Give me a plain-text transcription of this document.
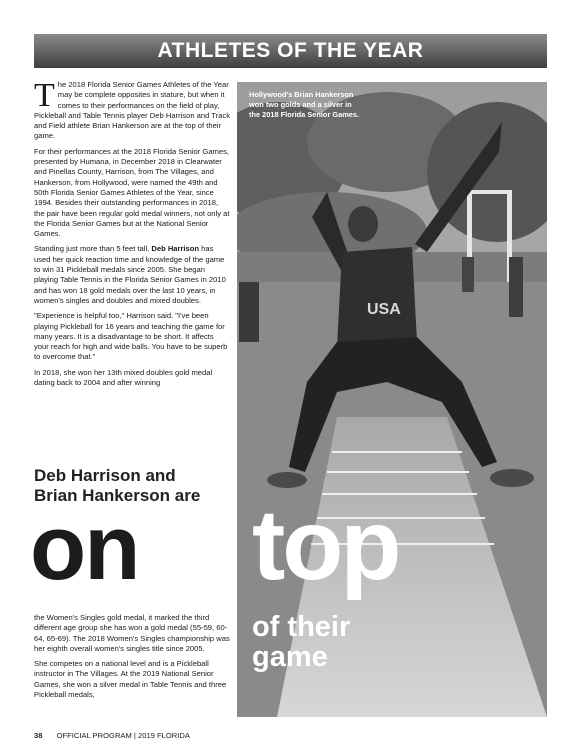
ATHLETES OF THE YEAR

The 2018 Florida Senior Games Athletes of the Year may be complete opposites in stature, but when it comes to their performances on the field of play, Pickleball and Table Tennis player Deb Harrison and Track and Field athlete Brian Hankerson are at the top of their game.

For their performances at the 2018 Florida Senior Games, presented by Humana, in December 2018 in Clearwater and Pinellas County, Harrison, from The Villages, and Hankerson, from Hollywood, were named the 49th and 50th Florida Senior Games Athletes of the Year, since 1994. Besides their outstanding performances in 2018, the pair have been regular gold medal winners, not only at the Florida Senior Games but at the National Senior Games.

Standing just more than 5 feet tall, Deb Harrison has used her quick reaction time and knowledge of the game to win 31 Pickleball medals since 2005. She began playing Table Tennis in the Florida Senior Games in 2010 and has won 18 gold medals over the last 10 years, in women's singles and doubles and mixed doubles.

"Experience is helpful too," Harrison said. "I've been playing Pickleball for 16 years and teaching the game for many years. It is a disadvantage to be short. It affects your reach for high and wide balls. You have to be superb to overcome that."

In 2018, she won her 13th mixed doubles gold medal dating back to 2004 and after winning

Deb Harrison and
Brian Hankerson are
on

the Women's Singles gold medal, it marked the third different age group she has won a gold medal (55-59, 60-64, 65-69). The 2018 Women's Singles championship was her eighth overall women's singles title since 2005.

She competes on a national level and is a Pickleball instructor in The Villages. At the 2019 National Senior Games, she won a silver medal in Table Tennis and three Pickleball medals,

USA
Hollywood's Brian Hankerson won two golds and a silver in the 2018 Florida Senior Games.
top
of their
game
38 OFFICIAL PROGRAM | 2019 FLORIDA
